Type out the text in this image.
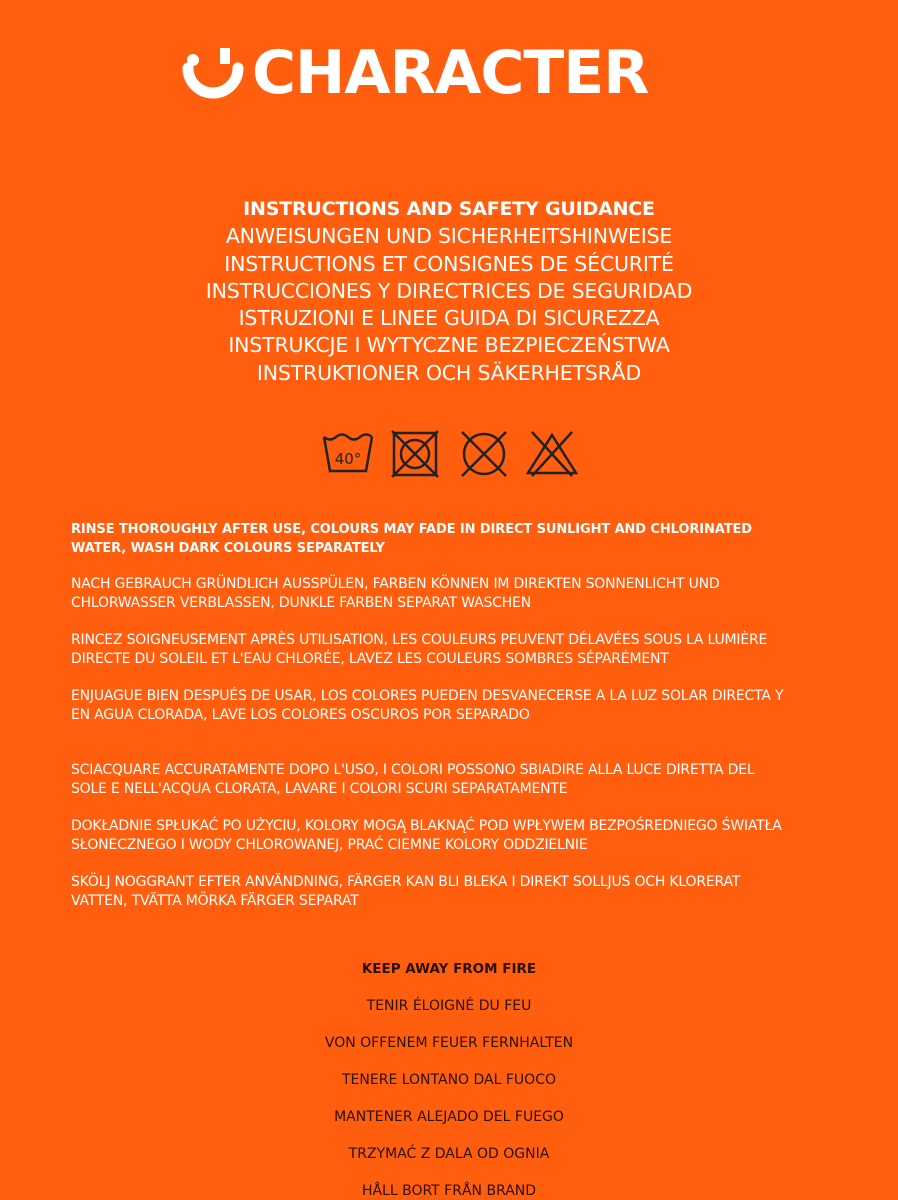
CHARACTER
INSTRUCTIONS AND SAFETY GUIDANCE
ANWEISUNGEN UND SICHERHEITSHINWEISE
INSTRUCTIONS ET CONSIGNES DE SÉCURITÉ
INSTRUCCIONES Y DIRECTRICES DE SEGURIDAD
ISTRUZIONI E LINEE GUIDA DI SICUREZZA
INSTRUKCJE I WYTYCZNE BEZPIECZEŃSTWA
INSTRUKTIONER OCH SÄKERHETSRÅD
40°
RINSE THOROUGHLY AFTER USE, COLOURS MAY FADE IN DIRECT SUNLIGHT AND CHLORINATED
WATER, WASH DARK COLOURS SEPARATELY
NACH GEBRAUCH GRÜNDLICH AUSSPÜLEN, FARBEN KÖNNEN IM DIREKTEN SONNENLICHT UND
CHLORWASSER VERBLASSEN, DUNKLE FARBEN SEPARAT WASCHEN
RINCEZ SOIGNEUSEMENT APRÈS UTILISATION, LES COULEURS PEUVENT DÉLAVÉES SOUS LA LUMIÈRE
DIRECTE DU SOLEIL ET L'EAU CHLORÉE, LAVEZ LES COULEURS SOMBRES SÉPARÉMENT
ENJUAGUE BIEN DESPUÉS DE USAR, LOS COLORES PUEDEN DESVANECERSE A LA LUZ SOLAR DIRECTA Y
EN AGUA CLORADA, LAVE LOS COLORES OSCUROS POR SEPARADO
SCIACQUARE ACCURATAMENTE DOPO L'USO, I COLORI POSSONO SBIADIRE ALLA LUCE DIRETTA DEL
SOLE E NELL'ACQUA CLORATA, LAVARE I COLORI SCURI SEPARATAMENTE
DOKŁADNIE SPŁUKAĆ PO UŻYCIU, KOLORY MOGĄ BLAKNĄĆ POD WPŁYWEM BEZPOŚREDNIEGO ŚWIATŁA
SŁONECZNEGO I WODY CHLOROWANEJ, PRAĆ CIEMNE KOLORY ODDZIELNIE
SKÖLJ NOGGRANT EFTER ANVÄNDNING, FÄRGER KAN BLI BLEKA I DIREKT SOLLJUS OCH KLORERAT
VATTEN, TVÄTTA MÖRKA FÄRGER SEPARAT
KEEP AWAY FROM FIRE
TENIR ÉLOIGNÉ DU FEU
VON OFFENEM FEUER FERNHALTEN
TENERE LONTANO DAL FUOCO
MANTENER ALEJADO DEL FUEGO
TRZYMAĆ Z DALA OD OGNIA
HÅLL BORT FRÅN BRAND
